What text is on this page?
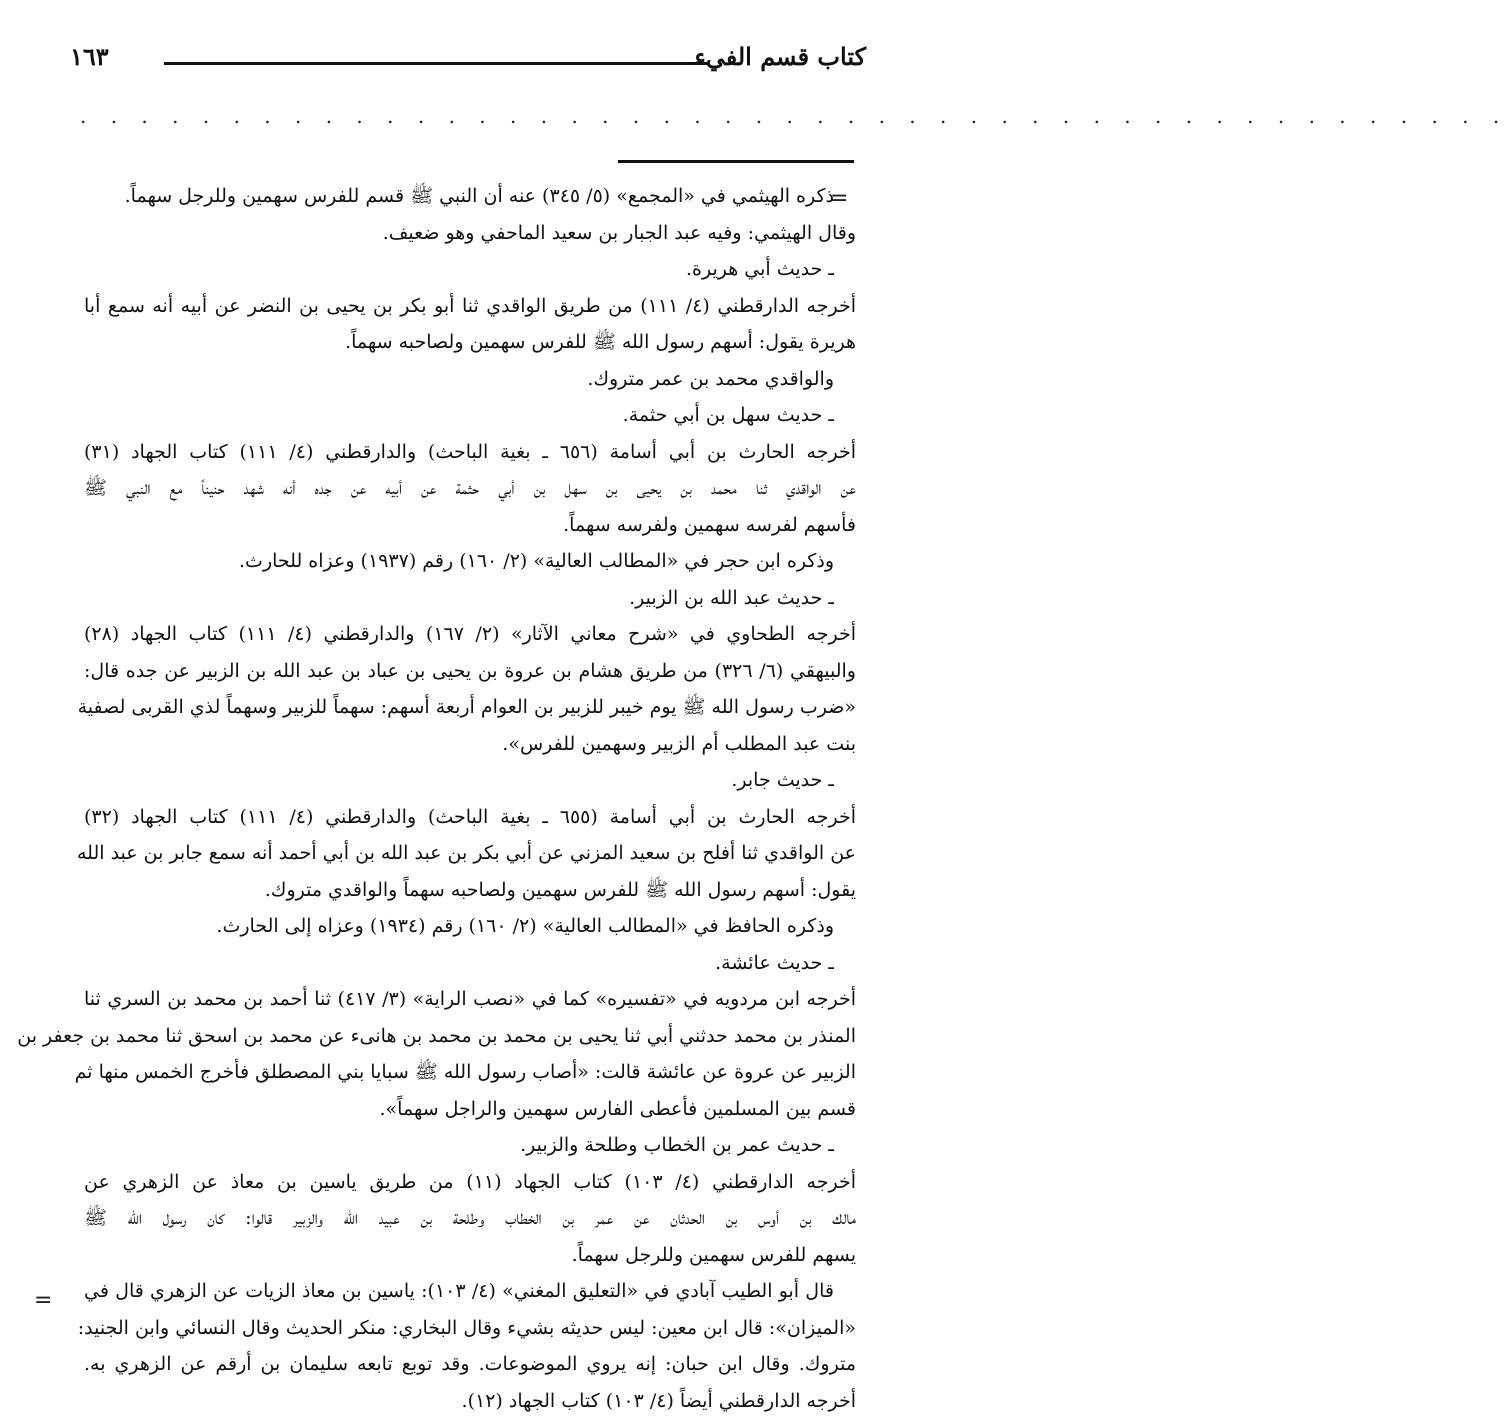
كتاب قسم الفيء
١٦٣
. . . . . . . . . . . . . . . . . . . . . . . . . . . . . . . . . . . . . . . . . . . . . . .
=
=
ذكره الهيثمي في «المجمع» (٥/ ٣٤٥) عنه أن النبي ﷺ قسم للفرس سهمين وللرجل سهماً.
وقال الهيثمي: وفيه عبد الجبار بن سعيد الماحفي وهو ضعيف.
ـ حديث أبي هريرة.
أخرجه الدارقطني (٤/ ١١١) من طريق الواقدي ثنا أبو بكر بن يحيى بن النضر عن أبيه أنه سمع أبا
هريرة يقول: أسهم رسول الله ﷺ للفرس سهمين ولصاحبه سهماً.
والواقدي محمد بن عمر متروك.
ـ حديث سهل بن أبي حثمة.
أخرجه الحارث بن أبي أسامة (٦٥٦ ـ بغية الباحث) والدارقطني (٤/ ١١١) كتاب الجهاد (٣١)
عن الواقدي ثنا محمد بن يحيى بن سهل بن أبي حثمة عن أبيه عن جده أنه شهد حنيناً مع النبي ﷺ
فأسهم لفرسه سهمين ولفرسه سهماً.
وذكره ابن حجر في «المطالب العالية» (٢/ ١٦٠) رقم (١٩٣٧) وعزاه للحارث.
ـ حديث عبد الله بن الزبير.
أخرجه الطحاوي في «شرح معاني الآثار» (٢/ ١٦٧) والدارقطني (٤/ ١١١) كتاب الجهاد (٢٨)
والبيهقي (٦/ ٣٢٦) من طريق هشام بن عروة بن يحيى بن عباد بن عبد الله بن الزبير عن جده قال:
«ضرب رسول الله ﷺ يوم خيبر للزبير بن العوام أربعة أسهم: سهماً للزبير وسهماً لذي القربى لصفية
بنت عبد المطلب أم الزبير وسهمين للفرس».
ـ حديث جابر.
أخرجه الحارث بن أبي أسامة (٦٥٥ ـ بغية الباحث) والدارقطني (٤/ ١١١) كتاب الجهاد (٣٢)
عن الواقدي ثنا أفلح بن سعيد المزني عن أبي بكر بن عبد الله بن أبي أحمد أنه سمع جابر بن عبد الله
يقول: أسهم رسول الله ﷺ للفرس سهمين ولصاحبه سهماً والواقدي متروك.
وذكره الحافظ في «المطالب العالية» (٢/ ١٦٠) رقم (١٩٣٤) وعزاه إلى الحارث.
ـ حديث عائشة.
أخرجه ابن مردويه في «تفسيره» كما في «نصب الراية» (٣/ ٤١٧) ثنا أحمد بن محمد بن السري ثنا
المنذر بن محمد حدثني أبي ثنا يحيى بن محمد بن محمد بن هانىء عن محمد بن اسحق ثنا محمد بن جعفر بن
الزبير عن عروة عن عائشة قالت: «أصاب رسول الله ﷺ سبايا بني المصطلق فأخرج الخمس منها ثم
قسم بين المسلمين فأعطى الفارس سهمين والراجل سهماً».
ـ حديث عمر بن الخطاب وطلحة والزبير.
أخرجه الدارقطني (٤/ ١٠٣) كتاب الجهاد (١١) من طريق ياسين بن معاذ عن الزهري عن
مالك بن أوس بن الحدثان عن عمر بن الخطاب وطلحة بن عبيد الله والزبير قالوا: كان رسول الله ﷺ
يسهم للفرس سهمين وللرجل سهماً.
قال أبو الطيب آبادي في «التعليق المغني» (٤/ ١٠٣): ياسين بن معاذ الزيات عن الزهري قال في
«الميزان»: قال ابن معين: ليس حديثه بشيء وقال البخاري: منكر الحديث وقال النسائي وابن الجنيد:
متروك. وقال ابن حبان: إنه يروي الموضوعات. وقد توبع تابعه سليمان بن أرقم عن الزهري به.
أخرجه الدارقطني أيضاً (٤/ ١٠٣) كتاب الجهاد (١٢).
